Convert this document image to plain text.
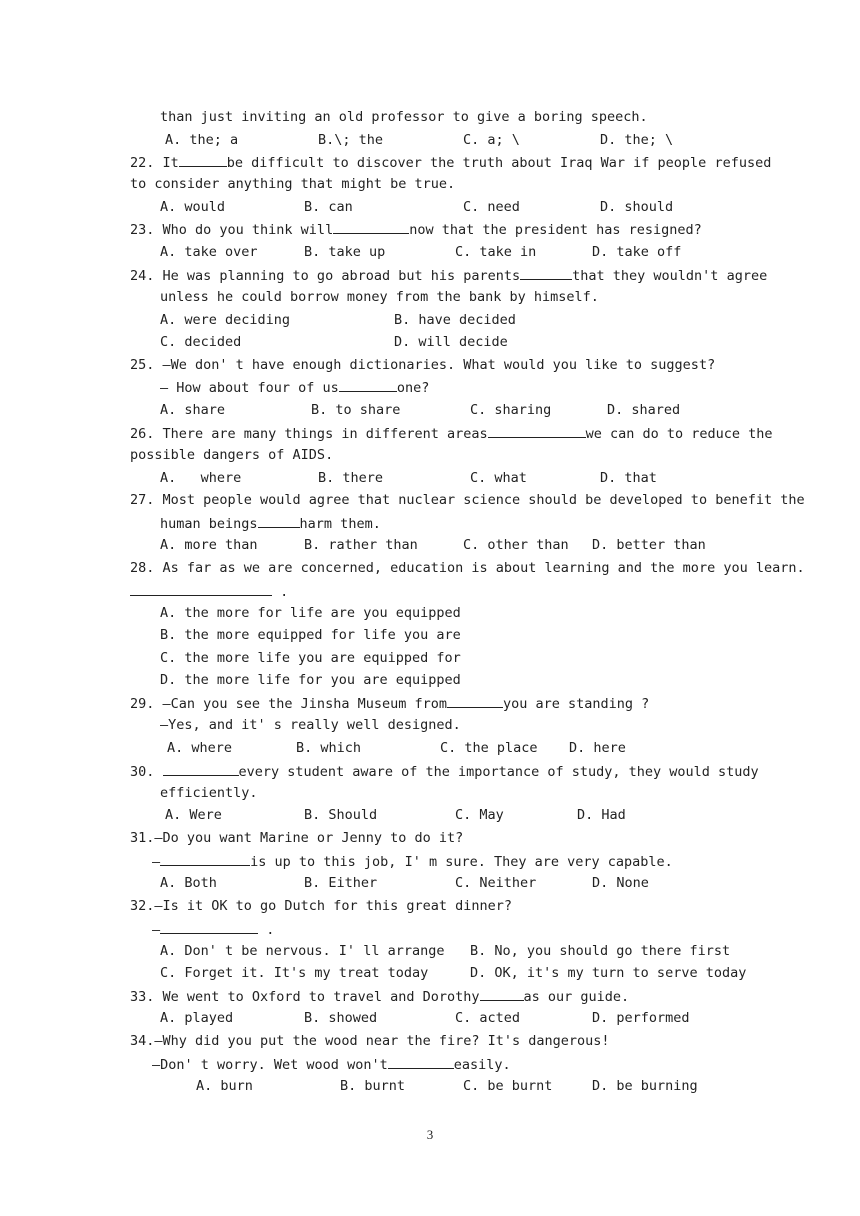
than just inviting an old professor to give a boring speech.
A. the; a	B.\; the	C. a; \	D. the; \
22. It	be difficult to discover the truth about Iraq War if people refused
to consider anything that might be true.
A. would	B. can	C. need	D. should
23. Who do you think will	now that the president has resigned?
A. take over	B. take up	C. take in	D. take off
24. He was planning to go abroad but his parents	that they wouldn't agree
unless he could borrow money from the bank by himself.
A. were deciding	B. have decided
C. decided	D. will decide
25. —We don' t have enough dictionaries. What would you like to suggest?
— How about four of us	one?
A. share	B. to share	C. sharing	D. shared
26. There are many things in different areas	we can do to reduce the
possible dangers of AIDS.
A.   where	B. there	C. what	D. that
27. Most people would agree that nuclear science should be developed to benefit the
human beings	harm them.
A. more than	B. rather than	C. other than D. better than
28. As far as we are concerned, education is about learning and the more you learn.
.
A. the more for life are you equipped
B. the more equipped for life you are
C. the more life you are equipped for
D. the more life for you are equipped
29. —Can you see the Jinsha Museum from	you are standing ?
—Yes, and it' s really well designed.
A. where	B. which	C. the place D. here
30.	every student aware of the importance of study, they would study
efficiently.
A. Were	B. Should	C. May	D. Had
31.—Do you want Marine or Jenny to do it?
—	is up to this job, I' m sure. They are very capable.
A. Both	B. Either	C. Neither	D. None
32.—Is it OK to go Dutch for this great dinner?
—	.
A. Don' t be nervous. I' ll arrange B. No, you should go there first
C. Forget it. It's my treat today	D. OK, it's my turn to serve today
33. We went to Oxford to travel and Dorothy	as our guide.
A. played	B. showed	C. acted	D. performed
34.—Why did you put the wood near the fire? It's dangerous!
—Don' t worry. Wet wood won't	easily.
A. burn	B. burnt	C. be burnt	D. be burning
3
